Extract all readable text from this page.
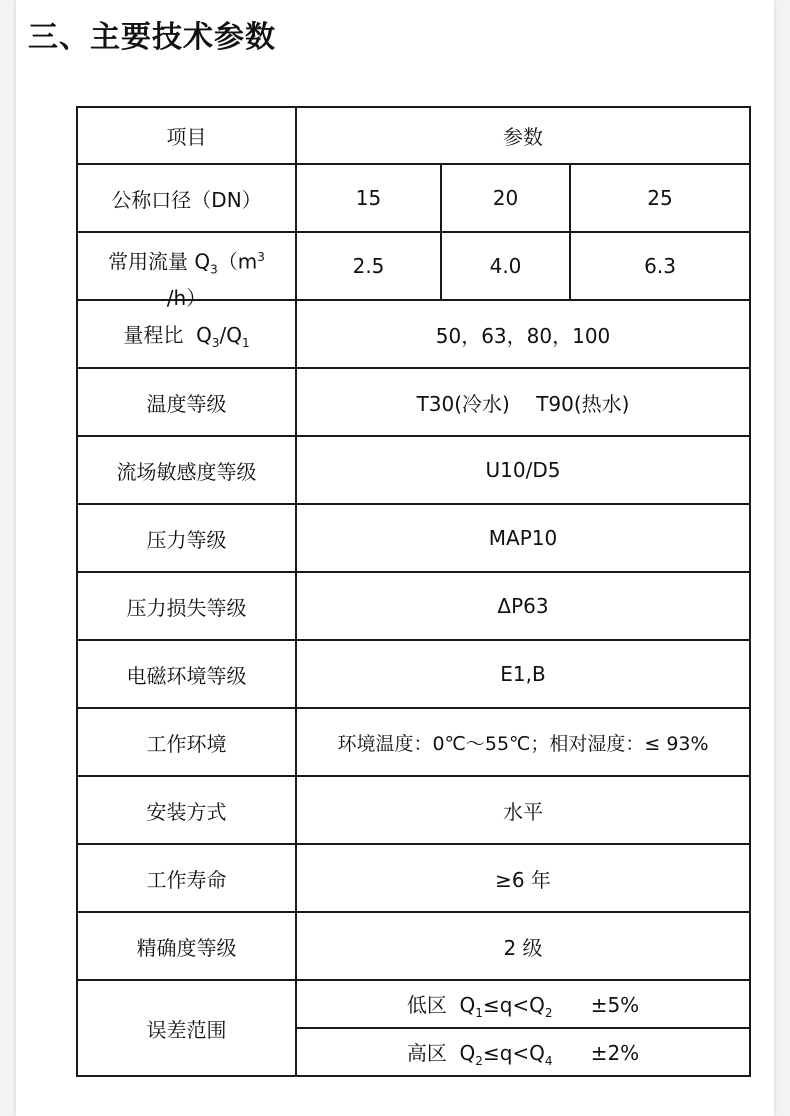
三、主要技术参数
项目	参数		
公称口径（DN）	15	20	25

常用流量 $Q_3(m^3$
/h）	2.5	4.0	6.3
量程比  $Q_3/Q_1$	50，63，80，100		
温度等级	T30(冷水)　 T90(热水)		
流场敏感度等级	U10/D5		
压力等级	MAP10		
压力损失等级	ΔP63		
电磁环境等级	E1,B		
工作环境	环境温度：0℃～55℃；相对湿度：≤ 93%		
安装方式	水平		
工作寿命	≥6 年		
精确度等级	2 级		
误差范围	低区  $Q_1\le q<Q_2 \pm 5\%$		
	高区  $Q_2\le q<Q_4 \pm 2\%$		
